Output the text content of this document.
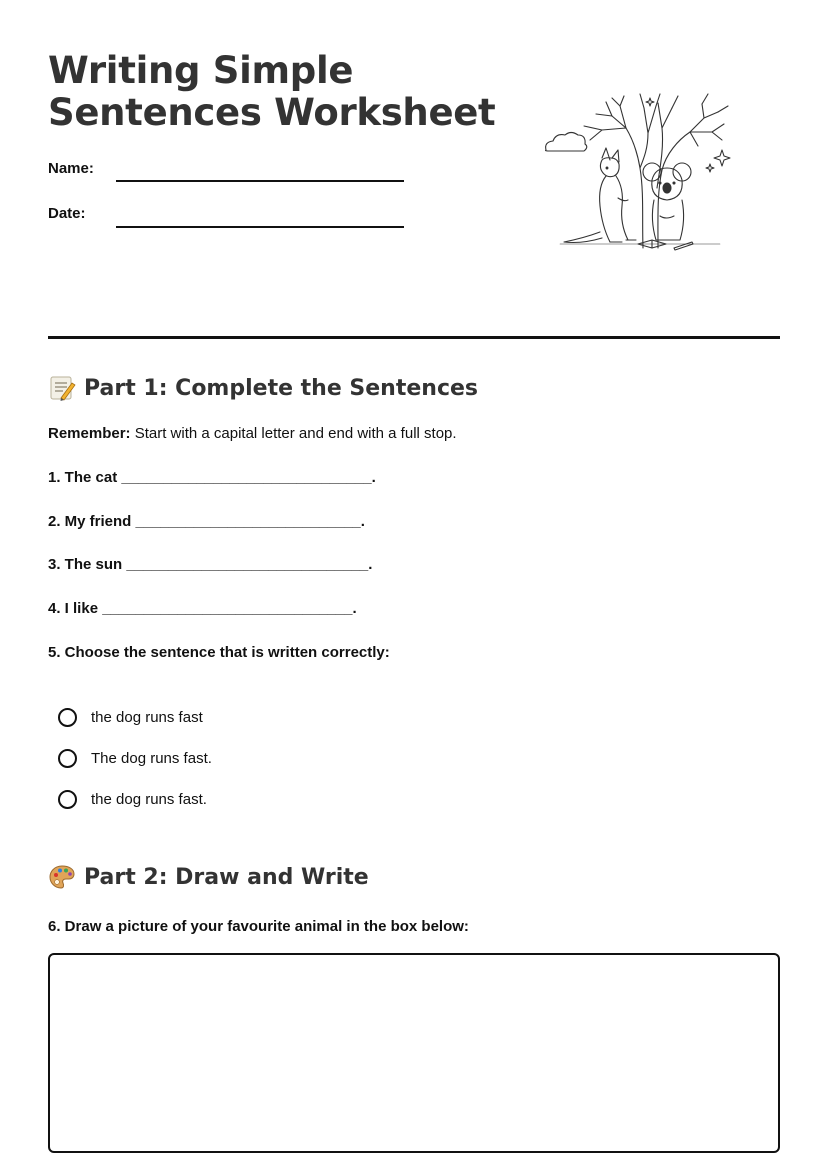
Writing Simple
Sentences Worksheet
Name:
Date:
Part 1: Complete the Sentences
Remember: Start with a capital letter and end with a full stop.
1. The cat ______________________________.
2. My friend ___________________________.
3. The sun _____________________________.
4. I like ______________________________.
5. Choose the sentence that is written correctly:
the dog runs fast
The dog runs fast.
the dog runs fast.
Part 2: Draw and Write
6. Draw a picture of your favourite animal in the box below:
